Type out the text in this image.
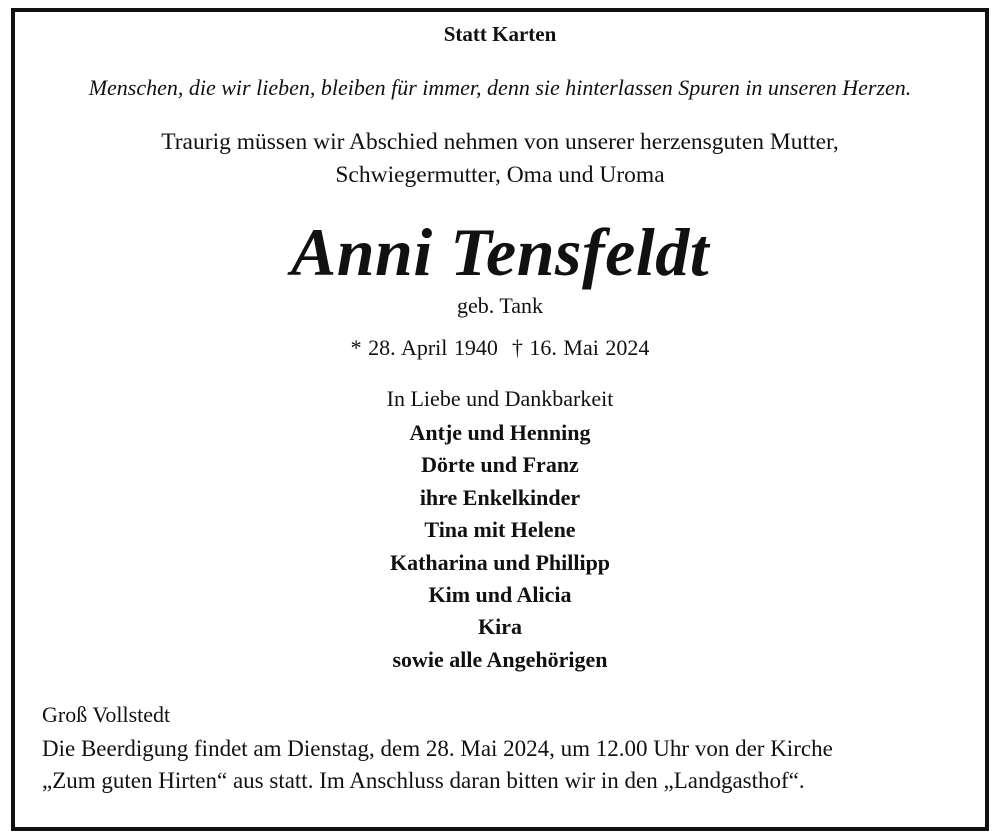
Statt Karten
Menschen, die wir lieben, bleiben für immer, denn sie hinterlassen Spuren in unseren Herzen.
Traurig müssen wir Abschied nehmen von unserer herzensguten Mutter,
Schwiegermutter, Oma und Uroma
Anni Tensfeldt
geb. Tank
* 28. April 1940 † 16. Mai 2024
In Liebe und Dankbarkeit
Antje und Henning
Dörte und Franz
ihre Enkelkinder
Tina mit Helene
Katharina und Phillipp
Kim und Alicia
Kira
sowie alle Angehörigen
Groß Vollstedt
Die Beerdigung findet am Dienstag, dem 28. Mai 2024, um 12.00 Uhr von der Kirche
„Zum guten Hirten“ aus statt. Im Anschluss daran bitten wir in den „Landgasthof“.
